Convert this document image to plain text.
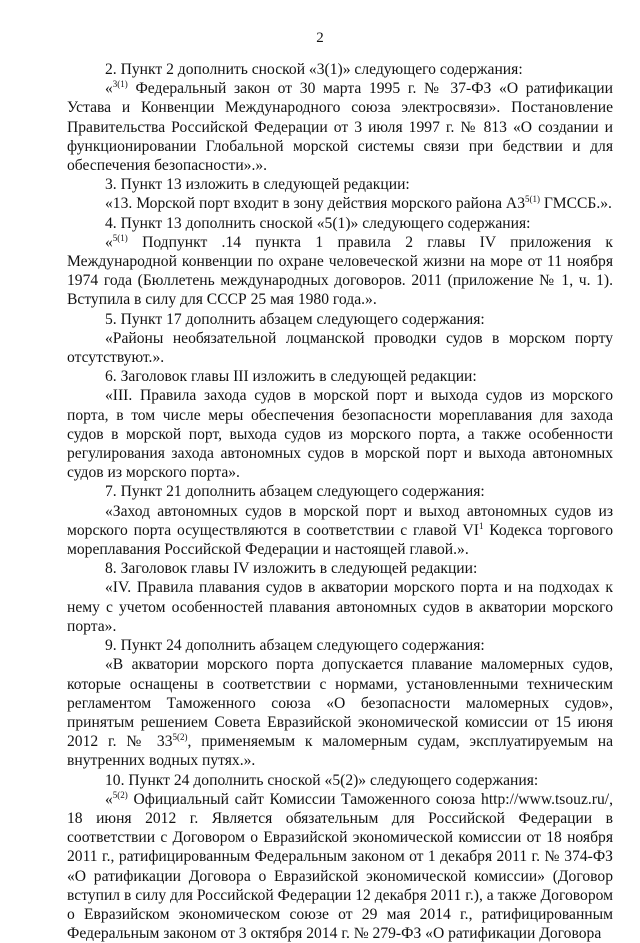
2

2. Пункт 2 дополнить сноской «3(1)» следующего содержания:

«$^{3(1)}$ Федеральный закон от 30 марта 1995 г. № 37-ФЗ «О ратификации Устава и Конвенции Международного союза электросвязи». Постановление Правительства Российской Федерации от 3 июля 1997 г. № 813 «О создании и функционировании Глобальной морской системы связи при бедствии и для обеспечения безопасности».».

3. Пункт 13 изложить в следующей редакции:

«13. Морской порт входит в зону действия морского района $А3^{5(1)}$ ГМССБ.».

4. Пункт 13 дополнить сноской «5(1)» следующего содержания:

«$^{5(1)}$ Подпункт .14 пункта 1 правила 2 главы IV приложения к Международной конвенции по охране человеческой жизни на море от 11 ноября 1974 года (Бюллетень международных договоров. 2011 (приложение № 1, ч. 1). Вступила в силу для СССР 25 мая 1980 года.».

5. Пункт 17 дополнить абзацем следующего содержания:

«Районы необязательной лоцманской проводки судов в морском порту отсутствуют.».

6. Заголовок главы III изложить в следующей редакции:

«III. Правила захода судов в морской порт и выхода судов из морского порта, в том числе меры обеспечения безопасности мореплавания для захода судов в морской порт, выхода судов из морского порта, а также особенности регулирования захода автономных судов в морской порт и выхода автономных судов из морского порта».

7. Пункт 21 дополнить абзацем следующего содержания:

«Заход автономных судов в морской порт и выход автономных судов из морского порта осуществляются в соответствии с главой $VI^1$ Кодекса торгового мореплавания Российской Федерации и настоящей главой.».

8. Заголовок главы IV изложить в следующей редакции:

«IV. Правила плавания судов в акватории морского порта и на подходах к нему с учетом особенностей плавания автономных судов в акватории морского порта».

9. Пункт 24 дополнить абзацем следующего содержания:

«В акватории морского порта допускается плавание маломерных судов, которые оснащены в соответствии с нормами, установленными техническим регламентом Таможенного союза «О безопасности маломерных судов», принятым решением Совета Евразийской экономической комиссии от 15 июня 2012 г. № $33^{5(2)}$, применяемым к маломерным судам, эксплуатируемым на внутренних водных путях.».

10. Пункт 24 дополнить сноской «5(2)» следующего содержания:

«$^{5(2)}$ Официальный сайт Комиссии Таможенного союза http://www.tsouz.ru/, 18 июня 2012 г. Является обязательным для Российской Федерации в соответствии с Договором о Евразийской экономической комиссии от 18 ноября 2011 г., ратифицированным Федеральным законом от 1 декабря 2011 г. № 374-ФЗ «О ратификации Договора о Евразийской экономической комиссии» (Договор вступил в силу для Российской Федерации 12 декабря 2011 г.), а также Договором о Евразийском экономическом союзе от 29 мая 2014 г., ратифицированным Федеральным законом от 3 октября 2014 г. № 279-ФЗ «О ратификации Договора
